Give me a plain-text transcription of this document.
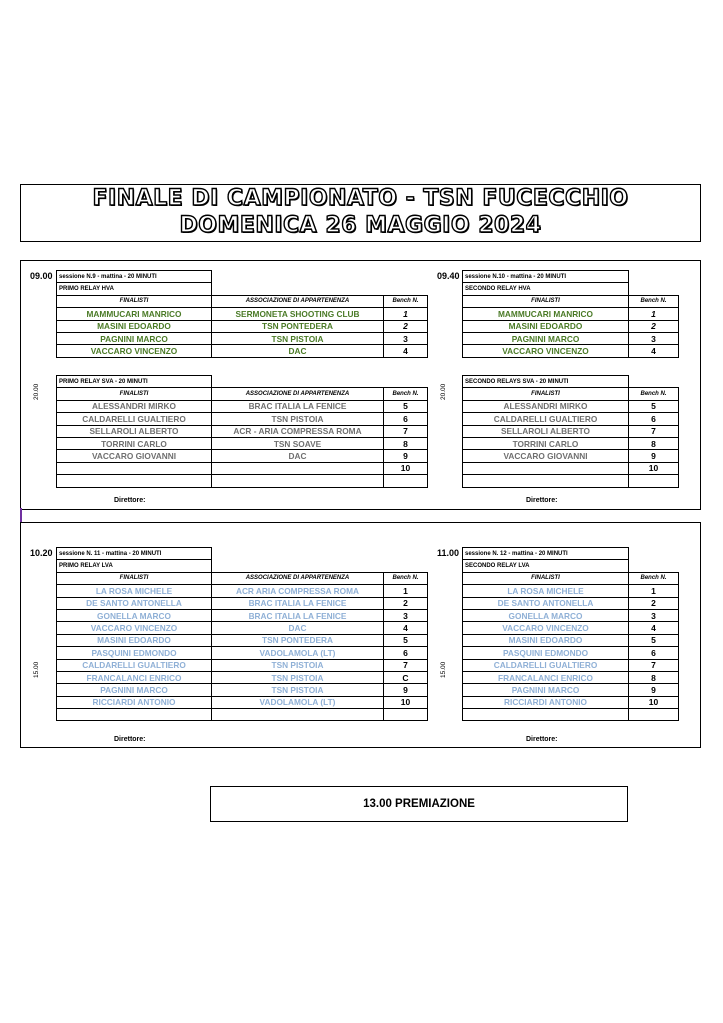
FINALE DI CAMPIONATO - TSN FUCECCHIO
DOMENICA 26 MAGGIO 2024
09.00	09.40
sessione N.9 - mattina - 20 MINUTI		
PRIMO RELAY HVA		
FINALISTI	ASSOCIAZIONE DI APPARTENENZA	Bench N.
MAMMUCARI MANRICO	SERMONETA SHOOTING CLUB	1
MASINI EDOARDO	TSN PONTEDERA	2
PAGNINI MARCO	TSN PISTOIA	3
VACCARO VINCENZO	DAC	4
sessione N.10 - mattina - 20 MINUTI	
SECONDO RELAY HVA	
FINALISTI	Bench N.
MAMMUCARI MANRICO	1
MASINI EDOARDO	2
PAGNINI MARCO	3
VACCARO VINCENZO	4
20.00	20.00
PRIMO RELAY SVA - 20 MINUTI		
FINALISTI	ASSOCIAZIONE DI APPARTENENZA	Bench N.
ALESSANDRI MIRKO	BRAC ITALIA LA FENICE	5
CALDARELLI GUALTIERO	TSN PISTOIA	6
SELLAROLI ALBERTO	ACR - ARIA COMPRESSA ROMA	7
TORRINI CARLO	TSN SOAVE	8
VACCARO GIOVANNI	DAC	9
		10

SECONDO RELAYS SVA - 20 MINUTI	
FINALISTI	Bench N.
ALESSANDRI MIRKO	5
CALDARELLI GUALTIERO	6
SELLAROLI ALBERTO	7
TORRINI CARLO	8
VACCARO GIOVANNI	9
	10

Direttore:	Direttore:
10.20	11.00
15.00	15.00
sessione N. 11 - mattina - 20 MINUTI		
PRIMO RELAY LVA		
FINALISTI	ASSOCIAZIONE DI APPARTENENZA	Bench N.
LA ROSA MICHELE	ACR ARIA COMPRESSA ROMA	1
DE SANTO ANTONELLA	BRAC ITALIA LA FENICE	2
GONELLA MARCO	BRAC ITALIA LA FENICE	3
VACCARO VINCENZO	DAC	4
MASINI EDOARDO	TSN PONTEDERA	5
PASQUINI EDMONDO	VADOLAMOLA (LT)	6
CALDARELLI GUALTIERO	TSN PISTOIA	7
FRANCALANCI ENRICO	TSN PISTOIA	C
PAGNINI MARCO	TSN PISTOIA	9
RICCIARDI ANTONIO	VADOLAMOLA (LT)	10

sessione N. 12 - mattina - 20 MINUTI	
SECONDO RELAY LVA	
FINALISTI	Bench N.
LA ROSA MICHELE	1
DE SANTO ANTONELLA	2
GONELLA MARCO	3
VACCARO VINCENZO	4
MASINI EDOARDO	5
PASQUINI EDMONDO	6
CALDARELLI GUALTIERO	7
FRANCALANCI ENRICO	8
PAGNINI MARCO	9
RICCIARDI ANTONIO	10

Direttore:	Direttore:
13.00 PREMIAZIONE
